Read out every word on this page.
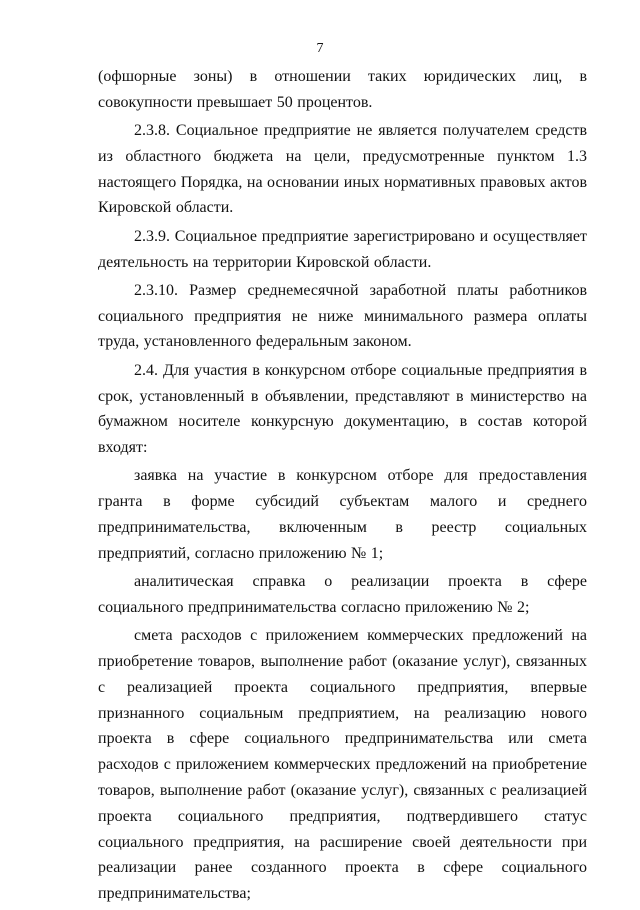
7

(офшорные зоны) в отношении таких юридических лиц, в совокупности превышает 50 процентов.

2.3.8. Социальное предприятие не является получателем средств из областного бюджета на цели, предусмотренные пунктом 1.3 настоящего Порядка, на основании иных нормативных правовых актов Кировской области.

2.3.9. Социальное предприятие зарегистрировано и осуществляет деятельность на территории Кировской области.

2.3.10. Размер среднемесячной заработной платы работников социального предприятия не ниже минимального размера оплаты труда, установленного федеральным законом.

2.4. Для участия в конкурсном отборе социальные предприятия в срок, установленный в объявлении, представляют в министерство на бумажном носителе конкурсную документацию, в состав которой входят:

заявка на участие в конкурсном отборе для предоставления гранта в форме субсидий субъектам малого и среднего предпринимательства, включенным в реестр социальных предприятий, согласно приложению № 1;

аналитическая справка о реализации проекта в сфере социального предпринимательства согласно приложению № 2;

смета расходов с приложением коммерческих предложений на приобретение товаров, выполнение работ (оказание услуг), связанных с реализацией проекта социального предприятия, впервые признанного социальным предприятием, на реализацию нового проекта в сфере социального предпринимательства или смета расходов с приложением коммерческих предложений на приобретение товаров, выполнение работ (оказание услуг), связанных с реализацией проекта социального предприятия, подтвердившего статус социального предприятия, на расширение своей деятельности при реализации ранее созданного проекта в сфере социального предпринимательства;
